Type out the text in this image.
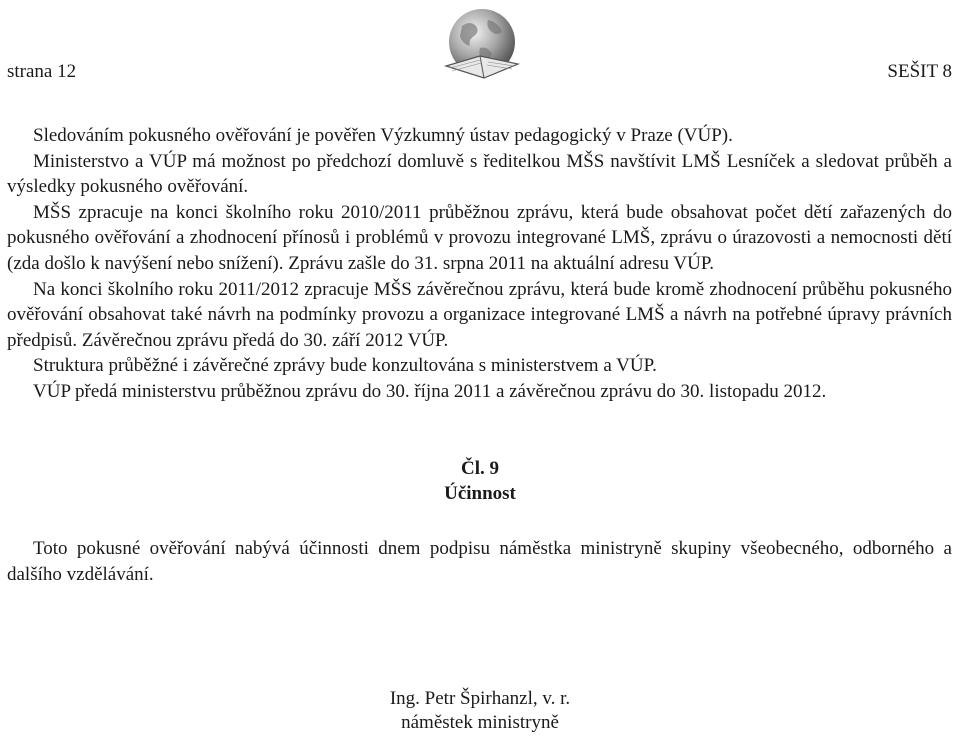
strana 12	SEŠIT 8

Sledováním pokusného ověřování je pověřen Výzkumný ústav pedagogický v Praze (VÚP).

Ministerstvo a VÚP má možnost po předchozí domluvě s ředitelkou MŠS navštívit LMŠ Lesníček a sledovat průběh a výsledky pokusného ověřování.

MŠS zpracuje na konci školního roku 2010/2011 průběžnou zprávu, která bude obsahovat počet dětí zařazených do pokusného ověřování a zhodnocení přínosů i problémů v provozu integrované LMŠ, zprávu o úrazovosti a nemocnosti dětí (zda došlo k navýšení nebo snížení). Zprávu zašle do 31. srpna 2011 na aktuální adresu VÚP.

Na konci školního roku 2011/2012 zpracuje MŠS závěrečnou zprávu, která bude kromě zhodnocení průběhu pokusného ověřování obsahovat také návrh na podmínky provozu a organizace integrované LMŠ a návrh na potřebné úpravy právních předpisů. Závěrečnou zprávu předá do 30. září 2012 VÚP.

Struktura průběžné i závěrečné zprávy bude konzultována s ministerstvem a VÚP.

VÚP předá ministerstvu průběžnou zprávu do 30. října 2011 a závěrečnou zprávu do 30. listopadu 2012.

Čl. 9
Účinnost

Toto pokusné ověřování nabývá účinnosti dnem podpisu náměstka ministryně skupiny všeobecného, odborného a dalšího vzdělávání.

Ing. Petr Špirhanzl, v. r.
náměstek ministryně
